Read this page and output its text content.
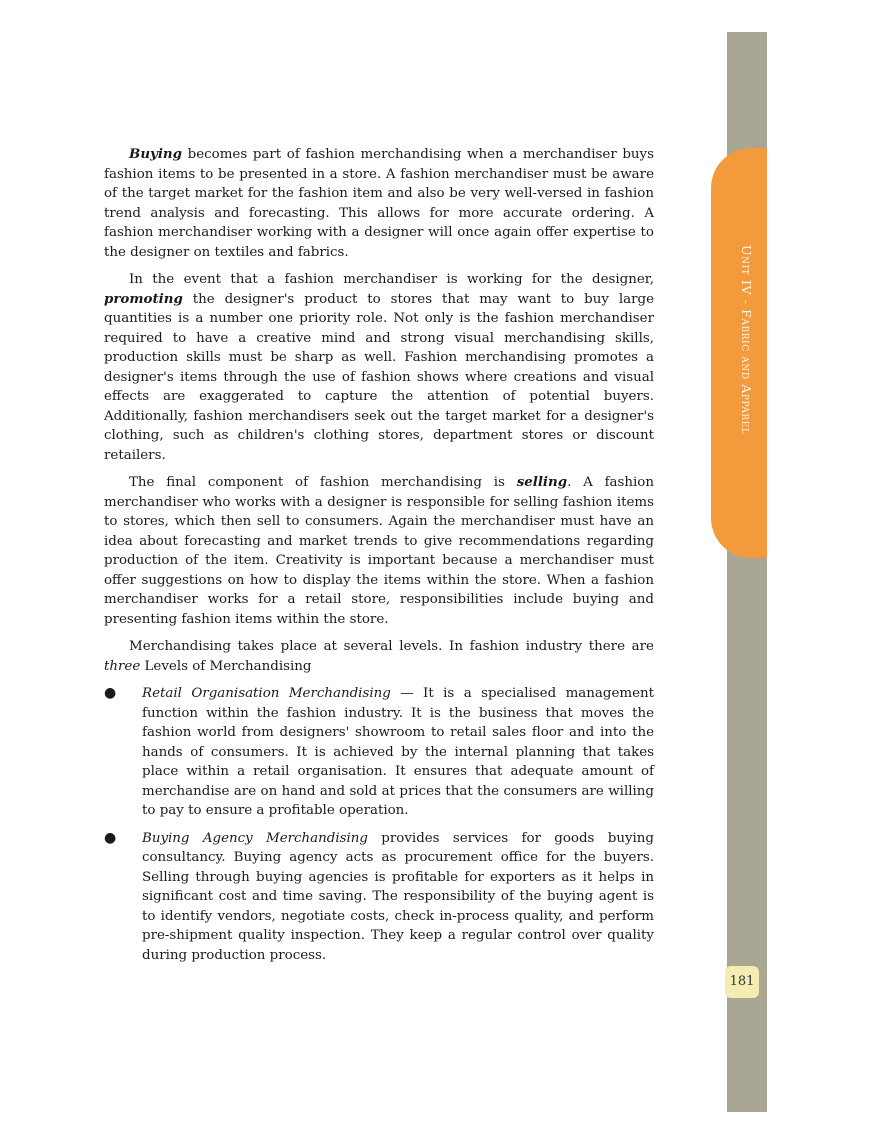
Unit IV - Fabric and Apparel
181

Buying becomes part of fashion merchandising when a merchandiser buys fashion items to be presented in a store. A fashion merchandiser must be aware of the target market for the fashion item and also be very well-versed in fashion trend analysis and forecasting. This allows for more accurate ordering. A fashion merchandiser working with a designer will once again offer expertise to the designer on textiles and fabrics.

In the event that a fashion merchandiser is working for the designer, promoting the designer's product to stores that may want to buy large quantities is a number one priority role. Not only is the fashion merchandiser required to have a creative mind and strong visual merchandising skills, production skills must be sharp as well. Fashion merchandising promotes a designer's items through the use of fashion shows where creations and visual effects are exaggerated to capture the attention of potential buyers. Additionally, fashion merchandisers seek out the target market for a designer's clothing, such as children's clothing stores, department stores or discount retailers.

The final component of fashion merchandising is selling. A fashion merchandiser who works with a designer is responsible for selling fashion items to stores, which then sell to consumers. Again the merchandiser must have an idea about forecasting and market trends to give recommendations regarding production of the item. Creativity is important because a merchandiser must offer suggestions on how to display the items within the store. When a fashion merchandiser works for a retail store, responsibilities include buying and presenting fashion items within the store.

Merchandising takes place at several levels. In fashion industry there are three Levels of Merchandising

● Retail Organisation Merchandising — It is a specialised management function within the fashion industry. It is the business that moves the fashion world from designers' showroom to retail sales floor and into the hands of consumers. It is achieved by the internal planning that takes place within a retail organisation. It ensures that adequate amount of merchandise are on hand and sold at prices that the consumers are willing to pay to ensure a profitable operation.
● Buying Agency Merchandising provides services for goods buying consultancy. Buying agency acts as procurement office for the buyers. Selling through buying agencies is profitable for exporters as it helps in significant cost and time saving. The responsibility of the buying agent is to identify vendors, negotiate costs, check in-process quality, and perform pre-shipment quality inspection. They keep a regular control over quality during production process.
